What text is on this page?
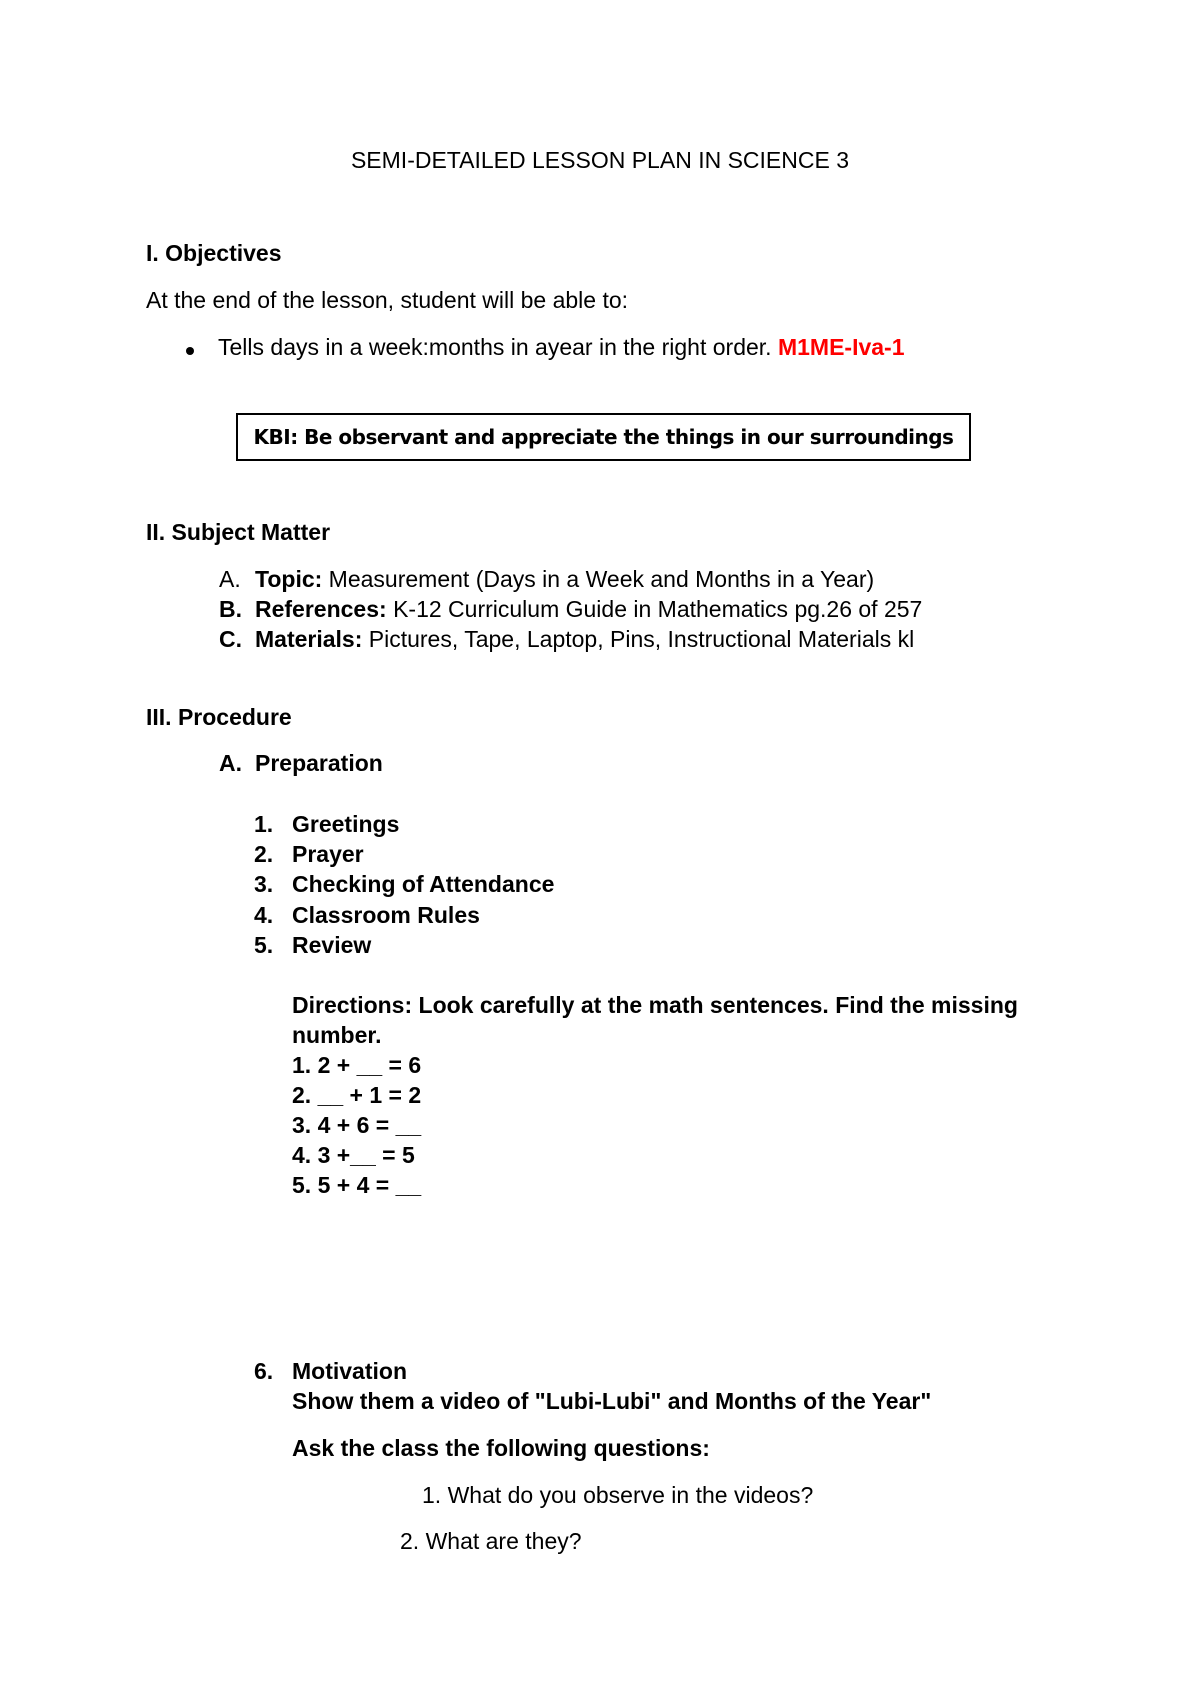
SEMI-DETAILED LESSON PLAN IN SCIENCE 3
I. Objectives
At the end of the lesson, student will be able to:
Tells days in a week:months in ayear in the right order. M1ME-Iva-1
KBI: Be observant and appreciate the things in our surroundings
II. Subject Matter
A. Topic: Measurement (Days in a Week and Months in a Year)
B. References: K-12 Curriculum Guide in Mathematics pg.26 of 257
C. Materials: Pictures, Tape, Laptop, Pins, Instructional Materials kl
III. Procedure
A. Preparation
1. Greetings
2. Prayer
3. Checking of Attendance
4. Classroom Rules
5. Review
Directions: Look carefully at the math sentences. Find the missing
number.
1. 2 + __ = 6
2. __ + 1 = 2
3. 4 + 6 = __
4. 3 +__ = 5
5. 5 + 4 = __
6. Motivation
Show them a video of "Lubi-Lubi" and Months of the Year"
Ask the class the following questions:
1. What do you observe in the videos?
2. What are they?
